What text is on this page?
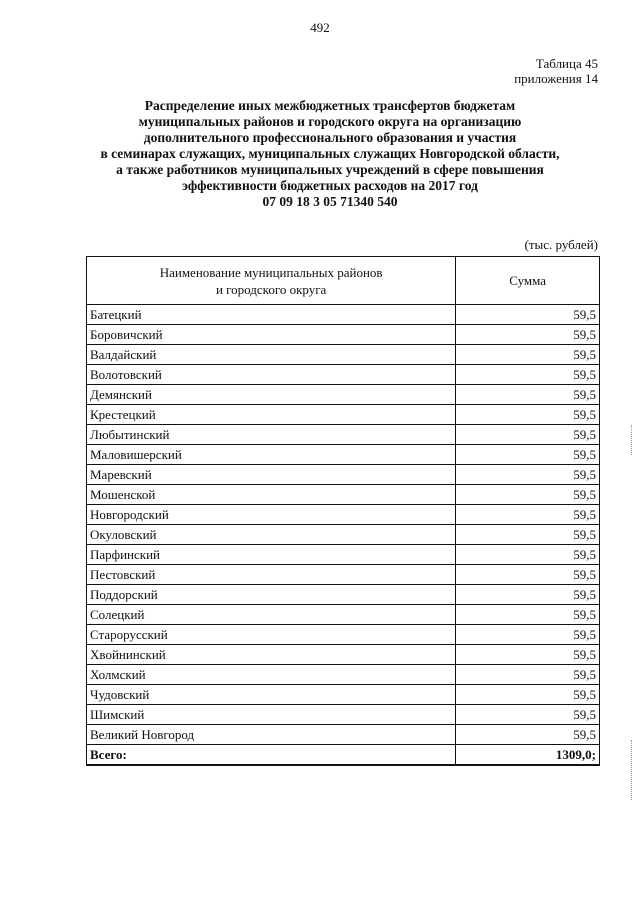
492
Таблица 45
приложения 14
Распределение иных межбюджетных трансфертов бюджетам
муниципальных районов и городского округа на организацию
дополнительного профессионального образования и участия
в семинарах служащих, муниципальных служащих Новгородской области,
а также работников муниципальных учреждений в сфере повышения
эффективности бюджетных расходов на 2017 год
07 09 18 3 05 71340 540
(тыс. рублей)
Наименование муниципальных районов
и городского округа	Сумма
Батецкий	59,5
Боровичский	59,5
Валдайский	59,5
Волотовский	59,5
Демянский	59,5
Крестецкий	59,5
Любытинский	59,5
Маловишерский	59,5
Маревский	59,5
Мошенской	59,5
Новгородский	59,5
Окуловский	59,5
Парфинский	59,5
Пестовский	59,5
Поддорский	59,5
Солецкий	59,5
Старорусский	59,5
Хвойнинский	59,5
Холмский	59,5
Чудовский	59,5
Шимский	59,5
Великий Новгород	59,5
Всего:	1309,0;
